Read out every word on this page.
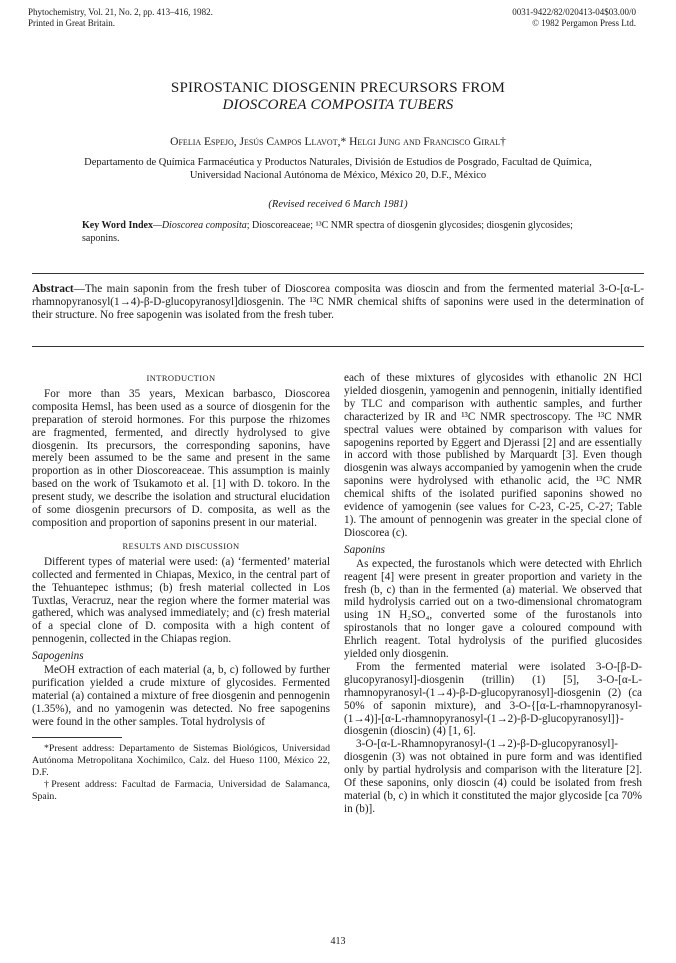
Phytochemistry, Vol. 21, No. 2, pp. 413–416, 1982.
Printed in Great Britain.
0031-9422/82/020413-04$03.00/0
© 1982 Pergamon Press Ltd.
SPIROSTANIC DIOSGENIN PRECURSORS FROM
DIOSCOREA COMPOSITA TUBERS
Ofelia Espejo, Jesús Campos Llavot,* Helgi Jung and Francisco Giral†
Departamento de Química Farmacéutica y Productos Naturales, División de Estudios de Posgrado, Facultad de Química,
Universidad Nacional Autónoma de México, México 20, D.F., México
(Revised received 6 March 1981)
Key Word Index—Dioscorea composita; Dioscoreaceae; ¹³C NMR spectra of diosgenin glycosides; diosgenin glycosides; saponins.
Abstract—The main saponin from the fresh tuber of Dioscorea composita was dioscin and from the fermented material 3-O-[α-L-rhamnopyranosyl(1→4)-β-D-glucopyranosyl]diosgenin. The ¹³C NMR chemical shifts of saponins were used in the determination of their structure. No free sapogenin was isolated from the fresh tuber.
INTRODUCTION

For more than 35 years, Mexican barbasco, Dioscorea composita Hemsl, has been used as a source of diosgenin for the preparation of steroid hormones. For this purpose the rhizomes are fragmented, fermented, and directly hydrolysed to give diosgenin. Its precursors, the corresponding saponins, have merely been assumed to be the same and present in the same proportion as in other Dioscoreaceae. This assumption is mainly based on the work of Tsukamoto et al. [1] with D. tokoro. In the present study, we describe the isolation and structural elucidation of some diosgenin precursors of D. composita, as well as the composition and proportion of saponins present in our material.

RESULTS AND DISCUSSION

Different types of material were used: (a) ‘fermented’ material collected and fermented in Chiapas, Mexico, in the central part of the Tehuantepec isthmus; (b) fresh material collected in Los Tuxtlas, Veracruz, near the region where the former material was gathered, which was analysed immediately; and (c) fresh material of a special clone of D. composita with a high content of pennogenin, collected in the Chiapas region.

Sapogenins

MeOH extraction of each material (a, b, c) followed by further purification yielded a crude mixture of glycosides. Fermented material (a) contained a mixture of free diosgenin and pennogenin (1.35%), and no yamogenin was detected. No free sapogenins were found in the other samples. Total hydrolysis of

*Present address: Departamento de Sistemas Biológicos, Universidad Autónoma Metropolitana Xochimilco, Calz. del Hueso 1100, México 22, D.F.

†Present address: Facultad de Farmacia, Universidad de Salamanca, Spain.

each of these mixtures of glycosides with ethanolic 2N HCl yielded diosgenin, yamogenin and pennogenin, initially identified by TLC and comparison with authentic samples, and further characterized by IR and ¹³C NMR spectroscopy. The ¹³C NMR spectral values were obtained by comparison with values for sapogenins reported by Eggert and Djerassi [2] and are essentially in accord with those published by Marquardt [3]. Even though diosgenin was always accompanied by yamogenin when the crude saponins were hydrolysed with ethanolic acid, the ¹³C NMR chemical shifts of the isolated purified saponins showed no evidence of yamogenin (see values for C-23, C-25, C-27; Table 1). The amount of pennogenin was greater in the special clone of Dioscorea (c).

Saponins

As expected, the furostanols which were detected with Ehrlich reagent [4] were present in greater proportion and variety in the fresh (b, c) than in the fermented (a) material. We observed that mild hydrolysis carried out on a two-dimensional chromatogram using 1N H₂SO₄, converted some of the furostanols into spirostanols that no longer gave a coloured compound with Ehrlich reagent. Total hydrolysis of the purified glucosides yielded only diosgenin.

From the fermented material were isolated 3-O-[β-D-glucopyranosyl]-diosgenin (trillin) (1) [5], 3-O-[α-L-rhamnopyranosyl-(1→4)-β-D-glucopyranosyl]-diosgenin (2) (ca 50% of saponin mixture), and 3-O-{[α-L-rhamnopyranosyl-(1→4)]-[α-L-rhamnopyranosyl-(1→2)-β-D-glucopyranosyl]}-diosgenin (dioscin) (4) [1, 6].

3-O-[α-L-Rhamnopyranosyl-(1→2)-β-D-glucopyranosyl]-diosgenin (3) was not obtained in pure form and was identified only by partial hydrolysis and comparison with the literature [2]. Of these saponins, only dioscin (4) could be isolated from fresh material (b, c) in which it constituted the major glycoside [ca 70% in (b)].

413
